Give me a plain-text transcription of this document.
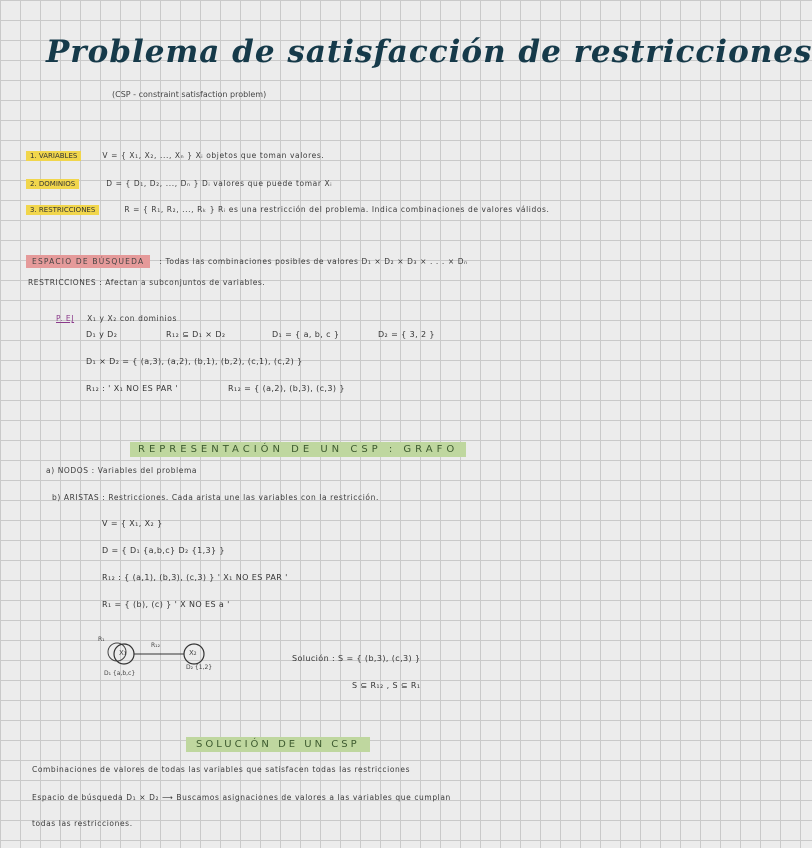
Problema de satisfacción de restricciones
(CSP - constraint satisfaction problem)
1. VARIABLES	V = { X₁, X₂, ..., Xₙ } Xᵢ objetos que toman valores.
2. DOMINIOS	D = { D₁, D₂, ..., Dₙ } Dᵢ valores que puede tomar Xᵢ
3. RESTRICCIONES	R = { R₁, R₂, ..., Rₖ } Rᵢ es una restricción del problema. Indica combinaciones de valores válidos.
ESPACIO DE BÚSQUEDA : Todas las combinaciones posibles de valores D₁ × D₂ × D₃ × . . . × Dₙ
RESTRICCIONES : Afectan a subconjuntos de variables.
P. EJ X₁ y X₂ con dominios
D₁ y D₂	R₁₂ ⊆ D₁ × D₂	D₁ = { a, b, c }	D₂ = { 3, 2 }
D₁ × D₂ = { (a,3), (a,2), (b,1), (b,2), (c,1), (c,2) }
R₁₂ : ' X₁ NO ES PAR '	R₁₂ = { (a,2), (b,3), (c,3) }
REPRESENTACIÓN DE UN CSP : GRAFO
a) NODOS : Variables del problema
b) ARISTAS : Restricciones. Cada arista une las variables con la restricción.
V = { X₁, X₂ }
D = { D₁ {a,b,c} D₂ {1,3} }
R₁₂ : { (a,1), (b,3), (c,3) } ' X₁ NO ES PAR '
R₁ = { (b), (c) } ' X NO ES a '
R₁
R₁₂
X₁	X₂
D₁ {a,b,c}
D₂ {1,2}
Solución : S = { (b,3), (c,3) }
S ⊆ R₁₂ , S ⊆ R₁
SOLUCIÓN DE UN CSP
Combinaciones de valores de todas las variables que satisfacen todas las restricciones
Espacio de búsqueda D₁ × D₂ ⟶ Buscamos asignaciones de valores a las variables que cumplan
todas las restricciones.
